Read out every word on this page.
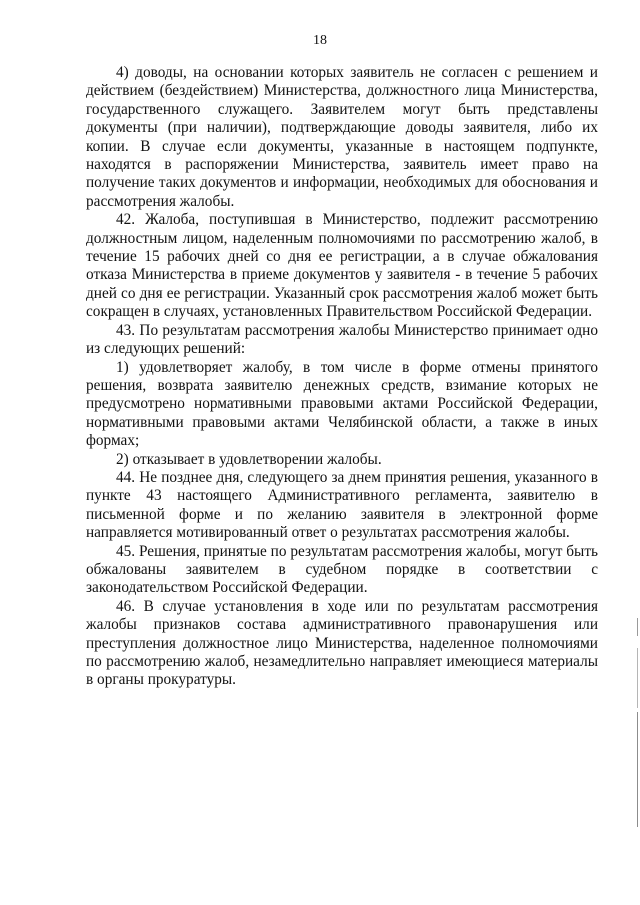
18

4) доводы, на основании которых заявитель не согласен с решением и действием (бездействием) Министерства, должностного лица Министерства, государственного служащего. Заявителем могут быть представлены документы (при наличии), подтверждающие доводы заявителя, либо их копии. В случае если документы, указанные в настоящем подпункте, находятся в распоряжении Министерства, заявитель имеет право на получение таких документов и информации, необходимых для обоснования и рассмотрения жалобы.

42. Жалоба, поступившая в Министерство, подлежит рассмотрению должностным лицом, наделенным полномочиями по рассмотрению жалоб, в течение 15 рабочих дней со дня ее регистрации, а в случае обжалования отказа Министерства в приеме документов у заявителя - в течение 5 рабочих дней со дня ее регистрации. Указанный срок рассмотрения жалоб может быть сокращен в случаях, установленных Правительством Российской Федерации.

43. По результатам рассмотрения жалобы Министерство принимает одно из следующих решений:

1) удовлетворяет жалобу, в том числе в форме отмены принятого решения, возврата заявителю денежных средств, взимание которых не предусмотрено нормативными правовыми актами Российской Федерации, нормативными правовыми актами Челябинской области, а также в иных формах;

2) отказывает в удовлетворении жалобы.

44. Не позднее дня, следующего за днем принятия решения, указанного в пункте 43 настоящего Административного регламента, заявителю в письменной форме и по желанию заявителя в электронной форме направляется мотивированный ответ о результатах рассмотрения жалобы.

45. Решения, принятые по результатам рассмотрения жалобы, могут быть обжалованы заявителем в судебном порядке в соответствии с законодательством Российской Федерации.

46. В случае установления в ходе или по результатам рассмотрения жалобы признаков состава административного правонарушения или преступления должностное лицо Министерства, наделенное полномочиями по рассмотрению жалоб, незамедлительно направляет имеющиеся материалы в органы прокуратуры.
